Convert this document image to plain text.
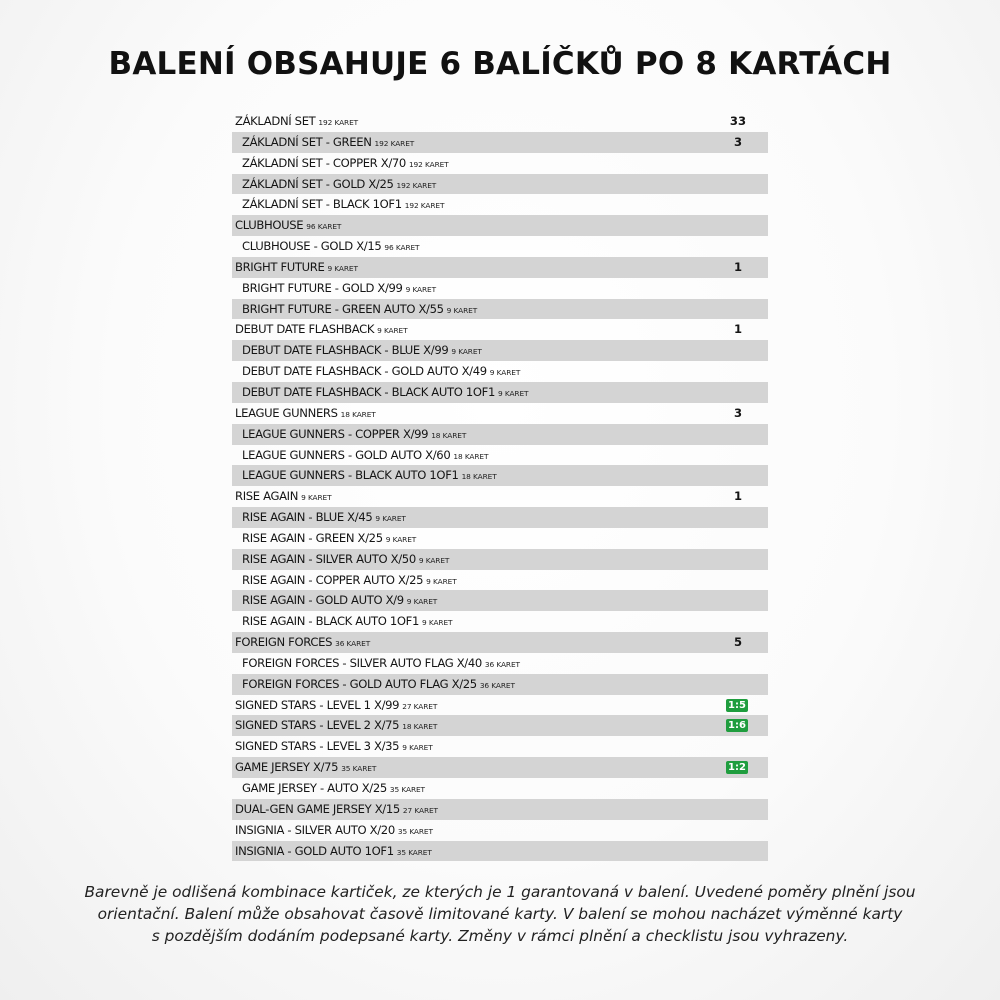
BALENÍ OBSAHUJE 6 BALÍČKŮ PO 8 KARTÁCH
ZÁKLADNÍ SET 192 KARET	33
ZÁKLADNÍ SET - GREEN 192 KARET	3
ZÁKLADNÍ SET - COPPER X/70 192 KARET
ZÁKLADNÍ SET - GOLD X/25 192 KARET
ZÁKLADNÍ SET - BLACK 1OF1 192 KARET
CLUBHOUSE 96 KARET
CLUBHOUSE - GOLD X/15 96 KARET
BRIGHT FUTURE 9 KARET	1
BRIGHT FUTURE - GOLD X/99 9 KARET
BRIGHT FUTURE - GREEN AUTO X/55 9 KARET
DEBUT DATE FLASHBACK 9 KARET	1
DEBUT DATE FLASHBACK - BLUE X/99 9 KARET
DEBUT DATE FLASHBACK - GOLD AUTO X/49 9 KARET
DEBUT DATE FLASHBACK - BLACK AUTO 1OF1 9 KARET
LEAGUE GUNNERS 18 KARET	3
LEAGUE GUNNERS - COPPER X/99 18 KARET
LEAGUE GUNNERS - GOLD AUTO X/60 18 KARET
LEAGUE GUNNERS - BLACK AUTO 1OF1 18 KARET
RISE AGAIN 9 KARET	1
RISE AGAIN - BLUE X/45 9 KARET
RISE AGAIN - GREEN X/25 9 KARET
RISE AGAIN - SILVER AUTO X/50 9 KARET
RISE AGAIN - COPPER AUTO X/25 9 KARET
RISE AGAIN - GOLD AUTO X/9 9 KARET
RISE AGAIN - BLACK AUTO 1OF1 9 KARET
FOREIGN FORCES 36 KARET	5
FOREIGN FORCES - SILVER AUTO FLAG X/40 36 KARET
FOREIGN FORCES - GOLD AUTO FLAG X/25 36 KARET
SIGNED STARS - LEVEL 1 X/99 27 KARET	1:5
SIGNED STARS - LEVEL 2 X/75 18 KARET	1:6
SIGNED STARS - LEVEL 3 X/35 9 KARET
GAME JERSEY X/75 35 KARET	1:2
GAME JERSEY - AUTO X/25 35 KARET
DUAL-GEN GAME JERSEY X/15 27 KARET
INSIGNIA - SILVER AUTO X/20 35 KARET
INSIGNIA - GOLD AUTO 1OF1 35 KARET

Barevně je odlišená kombinace kartiček, ze kterých je 1 garantovaná v balení. Uvedené poměry plnění jsou
orientační. Balení může obsahovat časově limitované karty. V balení se mohou nacházet výměnné karty
s pozdějším dodáním podepsané karty. Změny v rámci plnění a checklistu jsou vyhrazeny.
